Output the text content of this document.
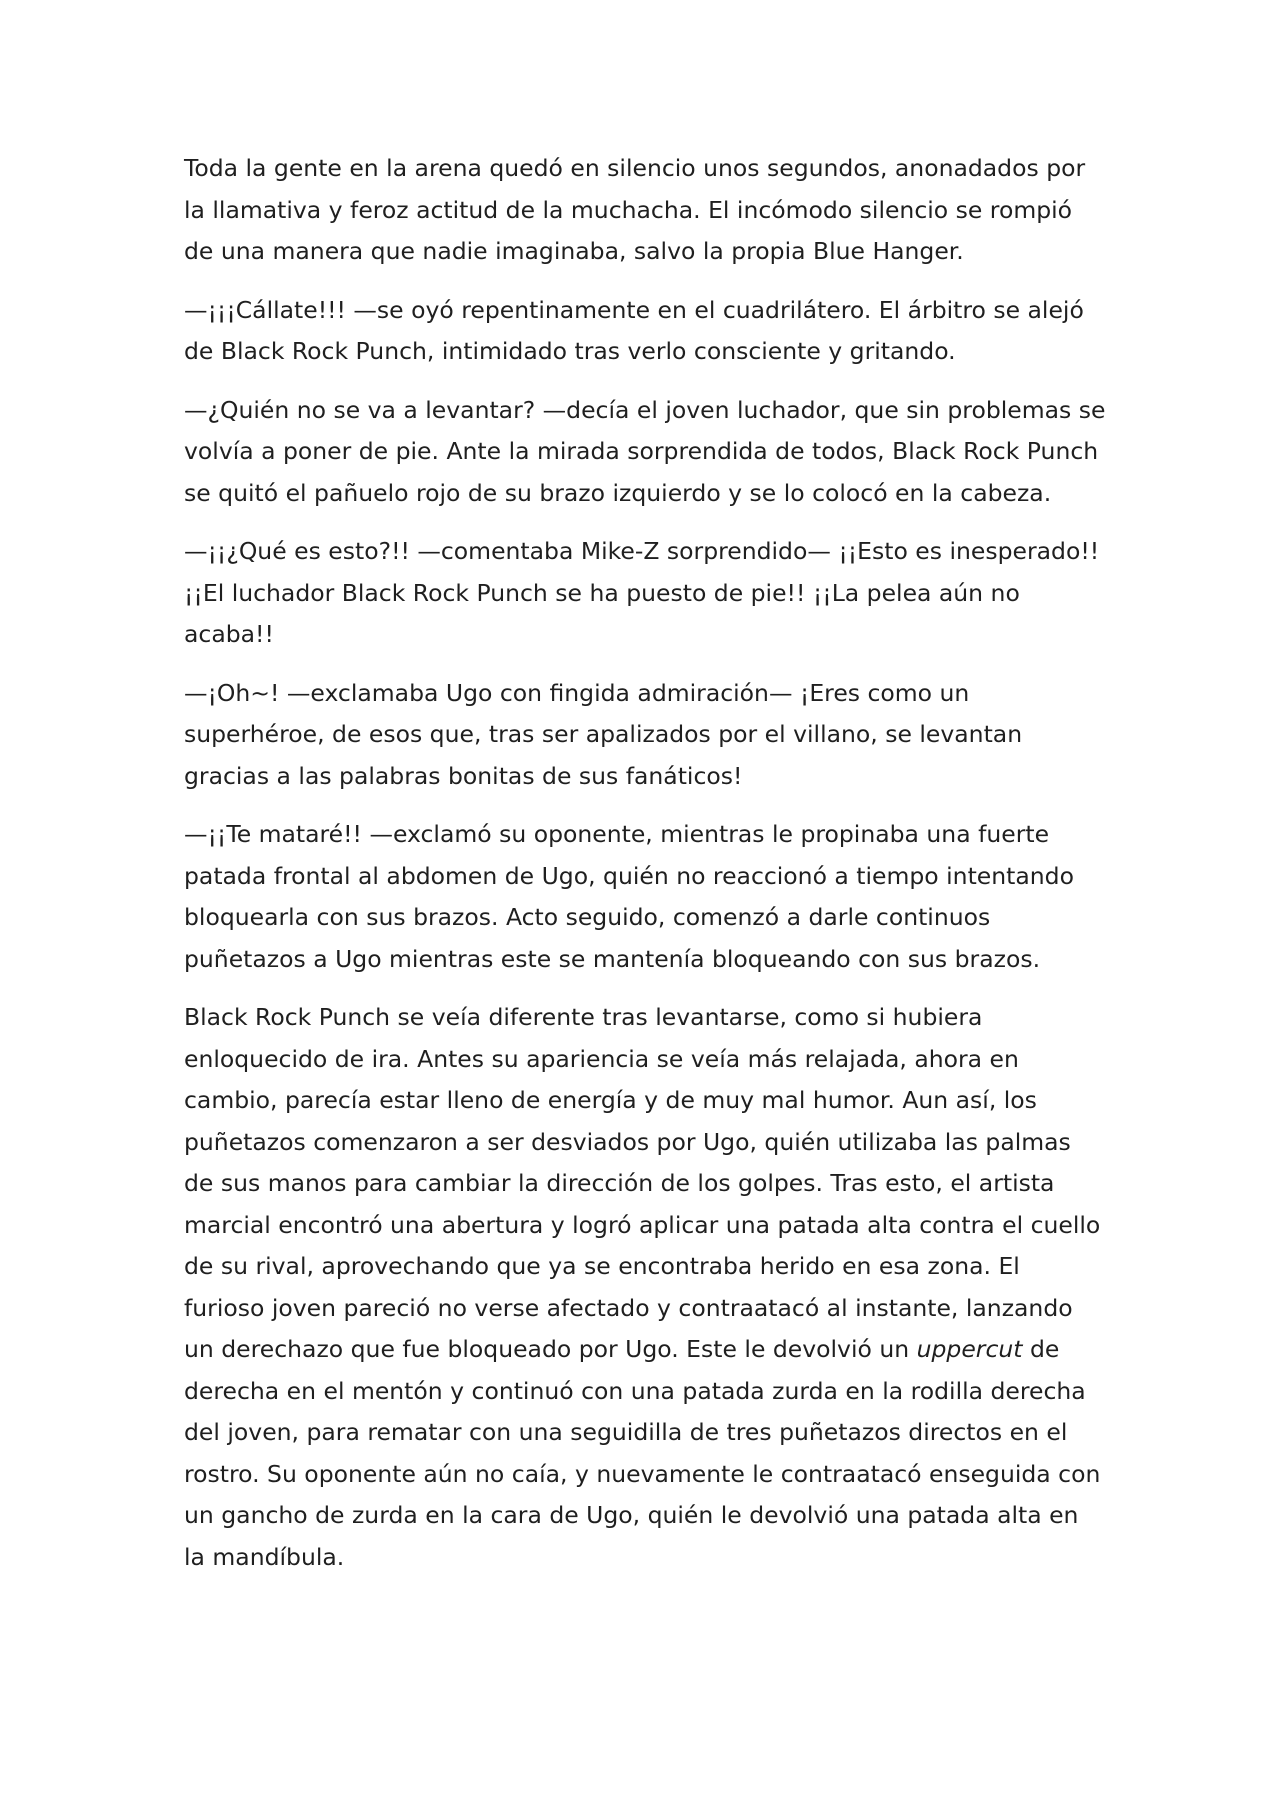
Toda la gente en la arena quedó en silencio unos segundos, anonadados por la llamativa y feroz actitud de la muchacha. El incómodo silencio se rompió de una manera que nadie imaginaba, salvo la propia Blue Hanger.

—¡¡¡Cállate!!! —se oyó repentinamente en el cuadrilátero. El árbitro se alejó de Black Rock Punch, intimidado tras verlo consciente y gritando.

—¿Quién no se va a levantar? —decía el joven luchador, que sin problemas se volvía a poner de pie. Ante la mirada sorprendida de todos, Black Rock Punch se quitó el pañuelo rojo de su brazo izquierdo y se lo colocó en la cabeza.

—¡¡¿Qué es esto?!! —comentaba Mike-Z sorprendido— ¡¡Esto es inesperado!! ¡¡El luchador Black Rock Punch se ha puesto de pie!! ¡¡La pelea aún no acaba!!

—¡Oh~! —exclamaba Ugo con fingida admiración— ¡Eres como un superhéroe, de esos que, tras ser apalizados por el villano, se levantan gracias a las palabras bonitas de sus fanáticos!

—¡¡Te mataré!! —exclamó su oponente, mientras le propinaba una fuerte patada frontal al abdomen de Ugo, quién no reaccionó a tiempo intentando bloquearla con sus brazos. Acto seguido, comenzó a darle continuos puñetazos a Ugo mientras este se mantenía bloqueando con sus brazos.

Black Rock Punch se veía diferente tras levantarse, como si hubiera enloquecido de ira. Antes su apariencia se veía más relajada, ahora en cambio, parecía estar lleno de energía y de muy mal humor. Aun así, los puñetazos comenzaron a ser desviados por Ugo, quién utilizaba las palmas de sus manos para cambiar la dirección de los golpes. Tras esto, el artista marcial encontró una abertura y logró aplicar una patada alta contra el cuello de su rival, aprovechando que ya se encontraba herido en esa zona. El furioso joven pareció no verse afectado y contraatacó al instante, lanzando un derechazo que fue bloqueado por Ugo. Este le devolvió un uppercut de derecha en el mentón y continuó con una patada zurda en la rodilla derecha del joven, para rematar con una seguidilla de tres puñetazos directos en el rostro. Su oponente aún no caía, y nuevamente le contraatacó enseguida con un gancho de zurda en la cara de Ugo, quién le devolvió una patada alta en la mandíbula.
